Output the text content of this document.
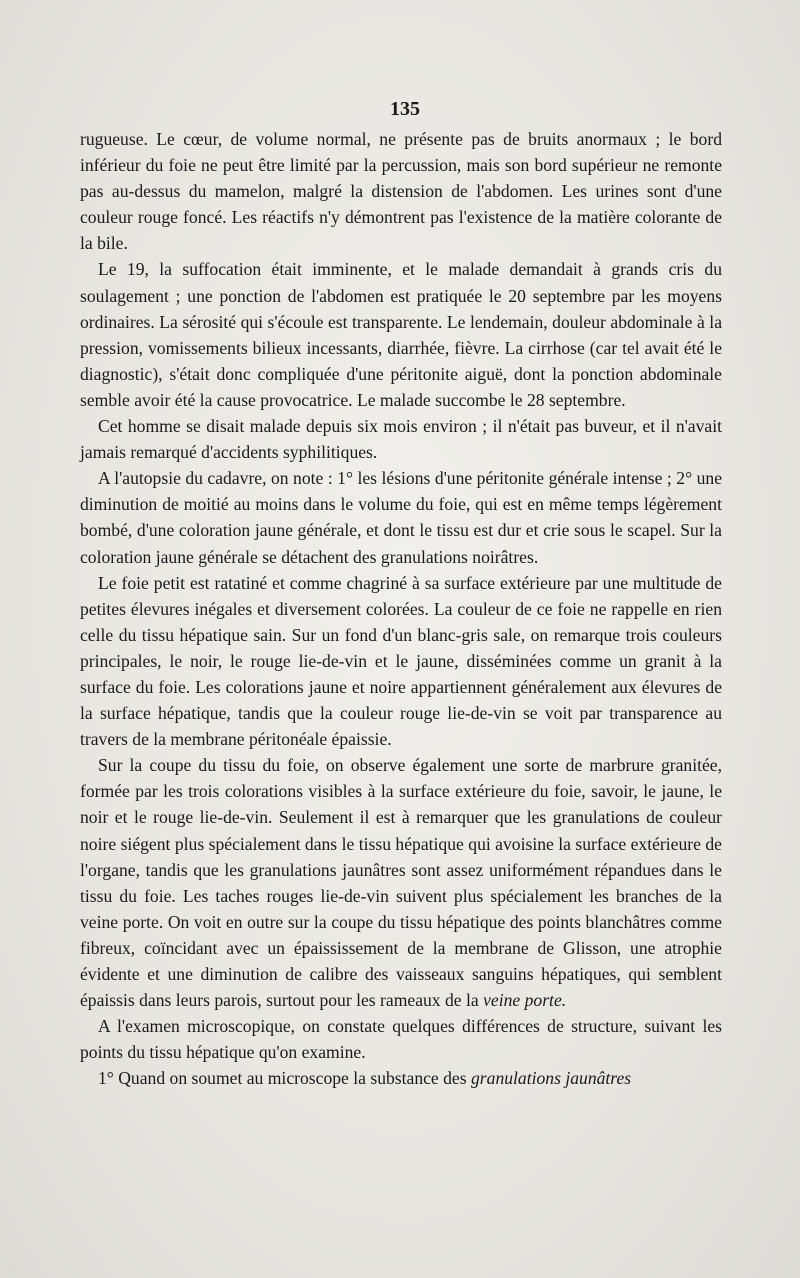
135

rugueuse. Le cœur, de volume normal, ne présente pas de bruits anormaux ; le bord inférieur du foie ne peut être limité par la percussion, mais son bord supérieur ne remonte pas au-dessus du mamelon, malgré la distension de l'abdomen. Les urines sont d'une couleur rouge foncé. Les réactifs n'y démontrent pas l'existence de la matière colorante de la bile.

Le 19, la suffocation était imminente, et le malade demandait à grands cris du soulagement ; une ponction de l'abdomen est pratiquée le 20 septembre par les moyens ordinaires. La sérosité qui s'écoule est transparente. Le lendemain, douleur abdominale à la pression, vomissements bilieux incessants, diarrhée, fièvre. La cirrhose (car tel avait été le diagnostic), s'était donc compliquée d'une péritonite aiguë, dont la ponction abdominale semble avoir été la cause provocatrice. Le malade succombe le 28 septembre.

Cet homme se disait malade depuis six mois environ ; il n'était pas buveur, et il n'avait jamais remarqué d'accidents syphilitiques.

A l'autopsie du cadavre, on note : 1° les lésions d'une péritonite générale intense ; 2° une diminution de moitié au moins dans le volume du foie, qui est en même temps légèrement bombé, d'une coloration jaune générale, et dont le tissu est dur et crie sous le scapel. Sur la coloration jaune générale se détachent des granulations noirâtres.

Le foie petit est ratatiné et comme chagriné à sa surface extérieure par une multitude de petites élevures inégales et diversement colorées. La couleur de ce foie ne rappelle en rien celle du tissu hépatique sain. Sur un fond d'un blanc-gris sale, on remarque trois couleurs principales, le noir, le rouge lie-de-vin et le jaune, disséminées comme un granit à la surface du foie. Les colorations jaune et noire appartiennent généralement aux élevures de la surface hépatique, tandis que la couleur rouge lie-de-vin se voit par transparence au travers de la membrane péritonéale épaissie.

Sur la coupe du tissu du foie, on observe également une sorte de marbrure granitée, formée par les trois colorations visibles à la surface extérieure du foie, savoir, le jaune, le noir et le rouge lie-de-vin. Seulement il est à remarquer que les granulations de couleur noire siégent plus spécialement dans le tissu hépatique qui avoisine la surface extérieure de l'organe, tandis que les granulations jaunâtres sont assez uniformément répandues dans le tissu du foie. Les taches rouges lie-de-vin suivent plus spécialement les branches de la veine porte. On voit en outre sur la coupe du tissu hépatique des points blanchâtres comme fibreux, coïncidant avec un épaississement de la membrane de Glisson, une atrophie évidente et une diminution de calibre des vaisseaux sanguins hépatiques, qui semblent épaissis dans leurs parois, surtout pour les rameaux de la veine porte.

A l'examen microscopique, on constate quelques différences de structure, suivant les points du tissu hépatique qu'on examine.

1° Quand on soumet au microscope la substance des granulations jaunâtres
